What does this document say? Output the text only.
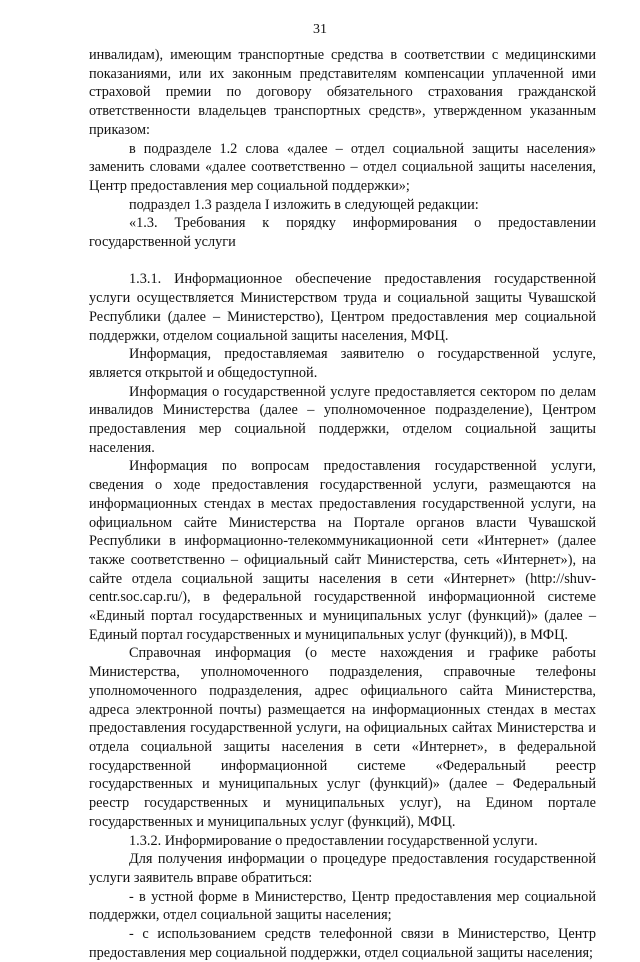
31

инвалидам), имеющим транспортные средства в соответствии с медицинскими показаниями, или их законным представителям компенсации уплаченной ими страховой премии по договору обязательного страхования гражданской ответственности владельцев транспортных средств», утвержденном указанным приказом:

в подразделе 1.2 слова «далее – отдел социальной защиты населения» заменить словами «далее соответственно – отдел социальной защиты населения, Центр предоставления мер социальной поддержки»;

подраздел 1.3 раздела I изложить в следующей редакции:

«1.3. Требования к порядку информирования о предоставлении государственной услуги

1.3.1. Информационное обеспечение предоставления государственной услуги осуществляется Министерством труда и социальной защиты Чувашской Республики (далее – Министерство), Центром предоставления мер социальной поддержки, отделом социальной защиты населения, МФЦ.

Информация, предоставляемая заявителю о государственной услуге, является открытой и общедоступной.

Информация о государственной услуге предоставляется сектором по делам инвалидов Министерства (далее – уполномоченное подразделение), Центром предоставления мер социальной поддержки, отделом социальной защиты населения.

Информация по вопросам предоставления государственной услуги, сведения о ходе предоставления государственной услуги, размещаются на информационных стендах в местах предоставления государственной услуги, на официальном сайте Министерства на Портале органов власти Чувашской Республики в информационно-телекоммуникационной сети «Интернет» (далее также соответственно – официальный сайт Министерства, сеть «Интернет»), на сайте отдела социальной защиты населения в сети «Интернет» (http://shuv-centr.soc.cap.ru/), в федеральной государственной информационной системе «Единый портал государственных и муниципальных услуг (функций)» (далее – Единый портал государственных и муниципальных услуг (функций)), в МФЦ.

Справочная информация (о месте нахождения и графике работы Министерства, уполномоченного подразделения, справочные телефоны уполномоченного подразделения, адрес официального сайта Министерства, адреса электронной почты) размещается на информационных стендах в местах предоставления государственной услуги, на официальных сайтах Министерства и отдела социальной защиты населения в сети «Интернет», в федеральной государственной информационной системе «Федеральный реестр государственных и муниципальных услуг (функций)» (далее – Федеральный реестр государственных и муниципальных услуг), на Едином портале государственных и муниципальных услуг (функций), МФЦ.

1.3.2. Информирование о предоставлении государственной услуги.

Для получения информации о процедуре предоставления государственной услуги заявитель вправе обратиться:

- в устной форме в Министерство, Центр предоставления мер социальной поддержки, отдел социальной защиты населения;

- с использованием средств телефонной связи в Министерство, Центр предоставления мер социальной поддержки, отдел социальной защиты населения;
